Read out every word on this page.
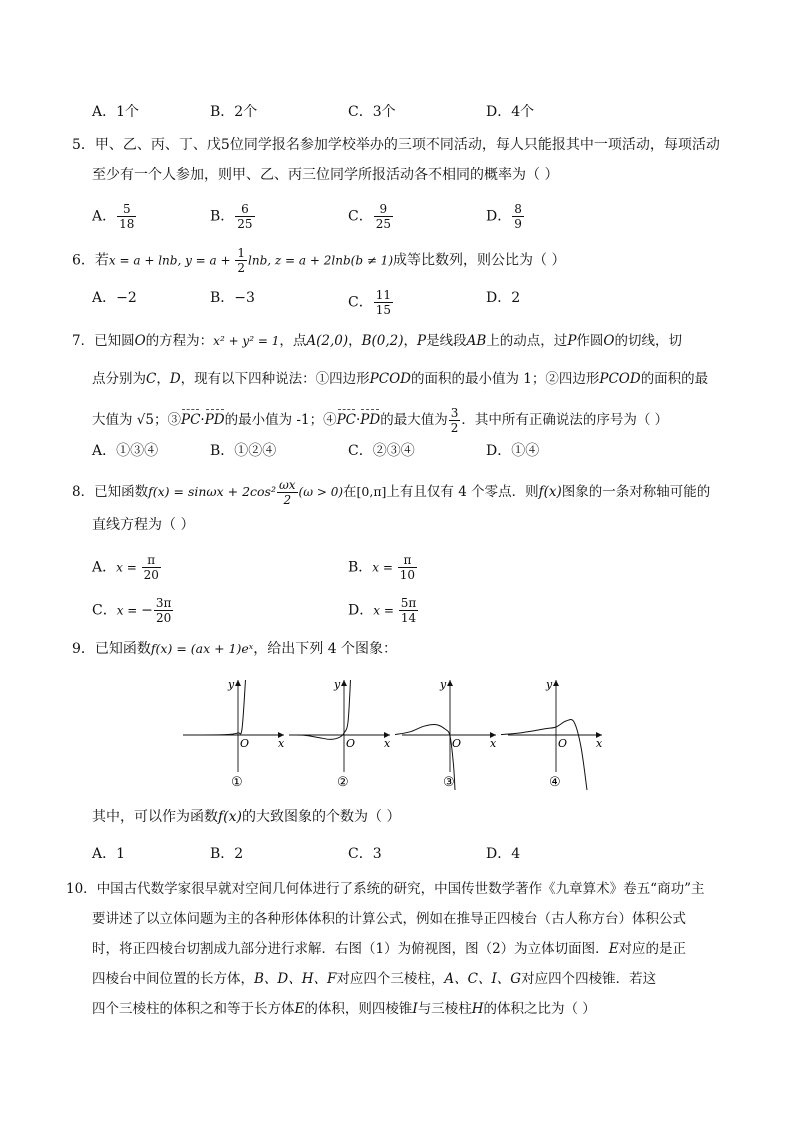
A．1个	B．2个	C．3个	D．4个
5．甲、乙、丙、丁、戊5位同学报名参加学校举办的三项不同活动，每人只能报其中一项活动，每项活动
至少有一个人参加，则甲、乙、丙三位同学所报活动各不相同的概率为（ ）
A． $\frac{5}{18}$	B． $\frac{6}{25}$	C． $\frac{9}{25}$	D． $\frac{8}{9}$
6．若x = a + lnb, $y = a + \frac{1}{2} \ln b$, z = a + 2lnb(b ≠ 1)成等比数列，则公比为（ ）
A．−2	B．−3	C． $\frac{11}{15}$	D．2
7．已知圆O的方程为：x² + y² = 1，点A(2,0)，B(0,2)，P是线段AB上的动点，过P作圆O的切线，切
点分别为C，D，现有以下四种说法：①四边形PCOD的面积的最小值为 1；②四边形PCOD的面积的最
大值为 √5；③PC·PD的最小值为 -1；④PC·PD的最大值为 $\frac{3}{2}$ ．其中所有正确说法的序号为（ ）
A．①③④	B．①②④	C．②③④	D．①④
8．已知函数$f(x) = \sin\omega x + 2\cos^2 \frac{\omega x}{2} (\omega > 0)$在[0,π]上有且仅有 4 个零点．则f(x)图象的一条对称轴可能的
直线方程为（ ）
A．$x = \frac{\pi}{20}$	B．$x = \frac{\pi}{10}$
C．x = − $\frac{3\pi}{20}$	D．$x = \frac{5\pi}{14}$
9．已知函数f(x) = (ax + 1)eˣ，给出下列 4 个图象：
y
x
O
①
y
x
O
②
y
x
O
③
y
x
O
④
其中，可以作为函数f(x)的大致图象的个数为（ ）
A．1	B．2	C．3	D．4
10．中国古代数学家很早就对空间几何体进行了系统的研究，中国传世数学著作《九章算术》卷五“商功”主
要讲述了以立体问题为主的各种形体体积的计算公式，例如在推导正四棱台（古人称方台）体积公式
时，将正四棱台切割成九部分进行求解．右图（1）为俯视图，图（2）为立体切面图．E对应的是正
四棱台中间位置的长方体，B、D、H、F对应四个三棱柱，A、C、I、G对应四个四棱锥．若这
四个三棱柱的体积之和等于长方体E的体积，则四棱锥I与三棱柱H的体积之比为（ ）
